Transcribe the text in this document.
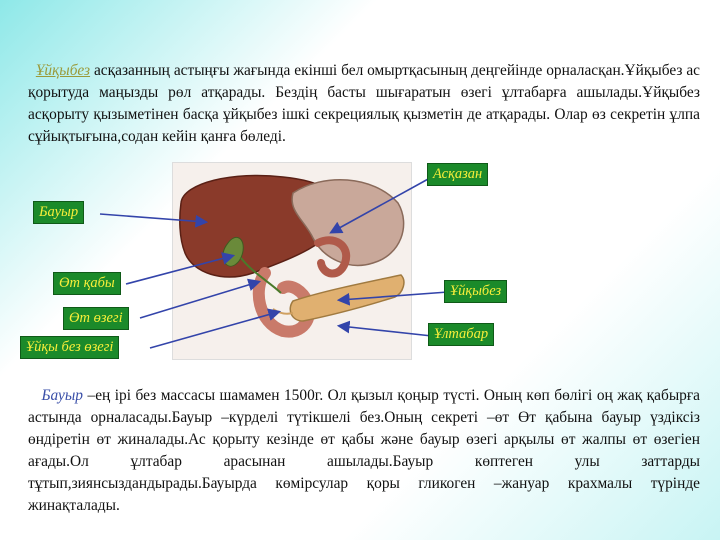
Ұйқыбез асқазанның астыңғы жағында екінші бел омыртқасының деңгейінде орналасқан.Ұйқыбез ас қорытуда маңызды рөл атқарады. Бездің басты шығаратын өзегі ұлтабарға ашылады.Ұйқыбез асқорыту қызыметінен басқа ұйқыбез ішкі секрециялық қызметін де атқарады. Олар өз секретін ұлпа сұйықтығына,содан кейін қанға бөледі.

Асқазан
Бауыр
Өт қабы	Ұйқыбез
Өт өзегі
Ұйқы без өзегі
Ұлтабар

Бауыр –ең ірі без массасы шамамен 1500г. Ол қызыл қоңыр түсті. Оның көп бөлігі оң жақ қабырға астында орналасады.Бауыр –күрделі түтікшелі без.Оның секреті –өт Өт қабына бауыр үздіксіз өндіретін өт жиналады.Ас қорыту кезінде өт қабы және бауыр өзегі арқылы өт жалпы өт өзегіен ағады.Ол ұлтабар арасынан ашылады.Бауыр көптеген улы заттарды тұтып,зиянсыздандырады.Бауырда көмірсулар қоры гликоген –жануар крахмалы түрінде жинақталады.
